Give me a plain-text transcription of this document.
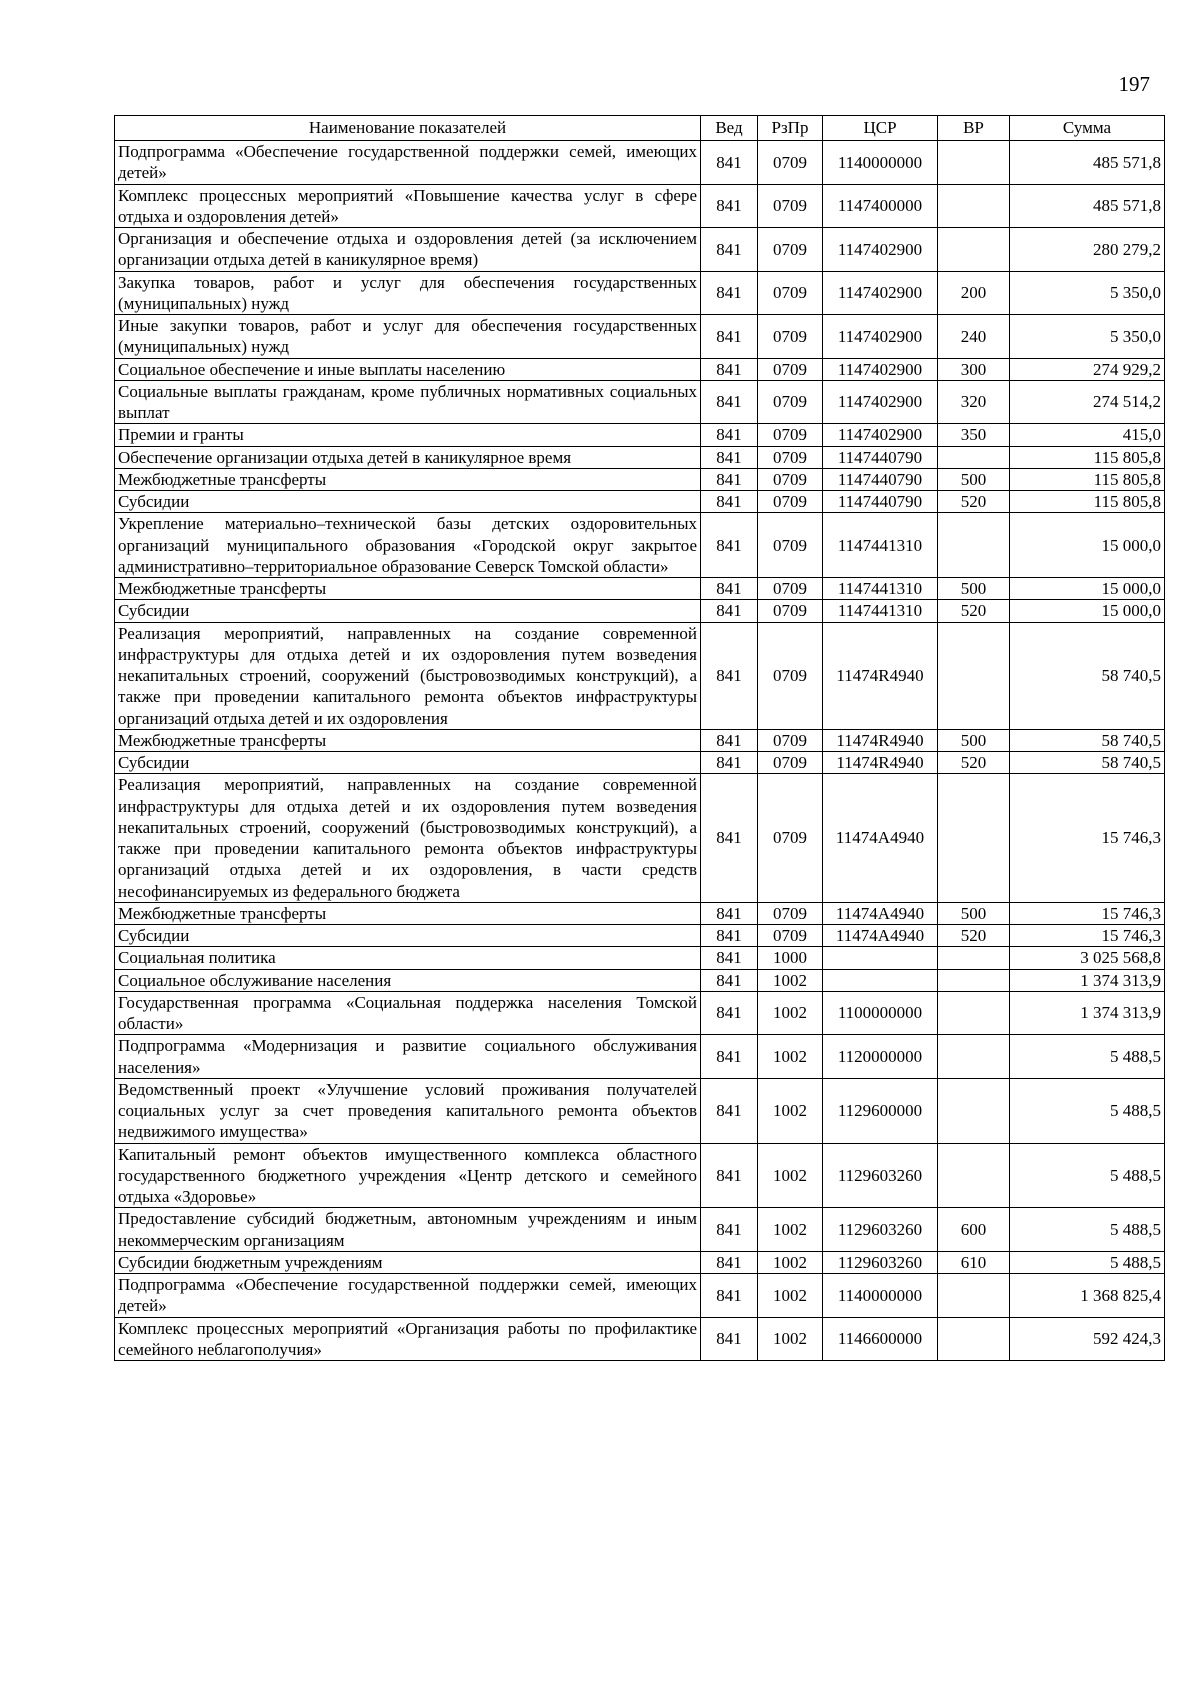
197
Наименование показателей	Вед	РзПр	ЦСР	ВР	Сумма
Подпрограмма «Обеспечение государственной поддержки семей, имеющих детей»	841	0709	1140000000		485 571,8
Комплекс процессных мероприятий «Повышение качества услуг в сфере отдыха и оздоровления детей»	841	0709	1147400000		485 571,8
Организация и обеспечение отдыха и оздоровления детей (за исключением организации отдыха детей в каникулярное время)	841	0709	1147402900		280 279,2
Закупка товаров, работ и услуг для обеспечения государственных (муниципальных) нужд	841	0709	1147402900	200	5 350,0
Иные закупки товаров, работ и услуг для обеспечения государственных (муниципальных) нужд	841	0709	1147402900	240	5 350,0
Социальное обеспечение и иные выплаты населению	841	0709	1147402900	300	274 929,2
Социальные выплаты гражданам, кроме публичных нормативных социальных выплат	841	0709	1147402900	320	274 514,2
Премии и гранты	841	0709	1147402900	350	415,0
Обеспечение организации отдыха детей в каникулярное время	841	0709	1147440790		115 805,8
Межбюджетные трансферты	841	0709	1147440790	500	115 805,8
Субсидии	841	0709	1147440790	520	115 805,8
Укрепление материально–технической базы детских оздоровительных организаций муниципального образования «Городской округ закрытое административно–территориальное образование Северск Томской области»	841	0709	1147441310		15 000,0
Межбюджетные трансферты	841	0709	1147441310	500	15 000,0
Субсидии	841	0709	1147441310	520	15 000,0
Реализация мероприятий, направленных на создание современной инфраструктуры для отдыха детей и их оздоровления путем возведения некапитальных строений, сооружений (быстровозводимых конструкций), а также при проведении капитального ремонта объектов инфраструктуры организаций отдыха детей и их оздоровления	841	0709	11474R4940		58 740,5
Межбюджетные трансферты	841	0709	11474R4940	500	58 740,5
Субсидии	841	0709	11474R4940	520	58 740,5
Реализация мероприятий, направленных на создание современной инфраструктуры для отдыха детей и их оздоровления путем возведения некапитальных строений, сооружений (быстровозводимых конструкций), а также при проведении капитального ремонта объектов инфраструктуры организаций отдыха детей и их оздоровления, в части средств несофинансируемых из федерального бюджета	841	0709	11474A4940		15 746,3
Межбюджетные трансферты	841	0709	11474A4940	500	15 746,3
Субсидии	841	0709	11474A4940	520	15 746,3
Социальная политика	841	1000			3 025 568,8
Социальное обслуживание населения	841	1002			1 374 313,9
Государственная программа «Социальная поддержка населения Томской области»	841	1002	1100000000		1 374 313,9
Подпрограмма «Модернизация и развитие социального обслуживания населения»	841	1002	1120000000		5 488,5
Ведомственный проект «Улучшение условий проживания получателей социальных услуг за счет проведения капитального ремонта объектов недвижимого имущества»	841	1002	1129600000		5 488,5
Капитальный ремонт объектов имущественного комплекса областного государственного бюджетного учреждения «Центр детского и семейного отдыха «Здоровье»	841	1002	1129603260		5 488,5
Предоставление субсидий бюджетным, автономным учреждениям и иным некоммерческим организациям	841	1002	1129603260	600	5 488,5
Субсидии бюджетным учреждениям	841	1002	1129603260	610	5 488,5
Подпрограмма «Обеспечение государственной поддержки семей, имеющих детей»	841	1002	1140000000		1 368 825,4
Комплекс процессных мероприятий «Организация работы по профилактике семейного неблагополучия»	841	1002	1146600000		592 424,3
